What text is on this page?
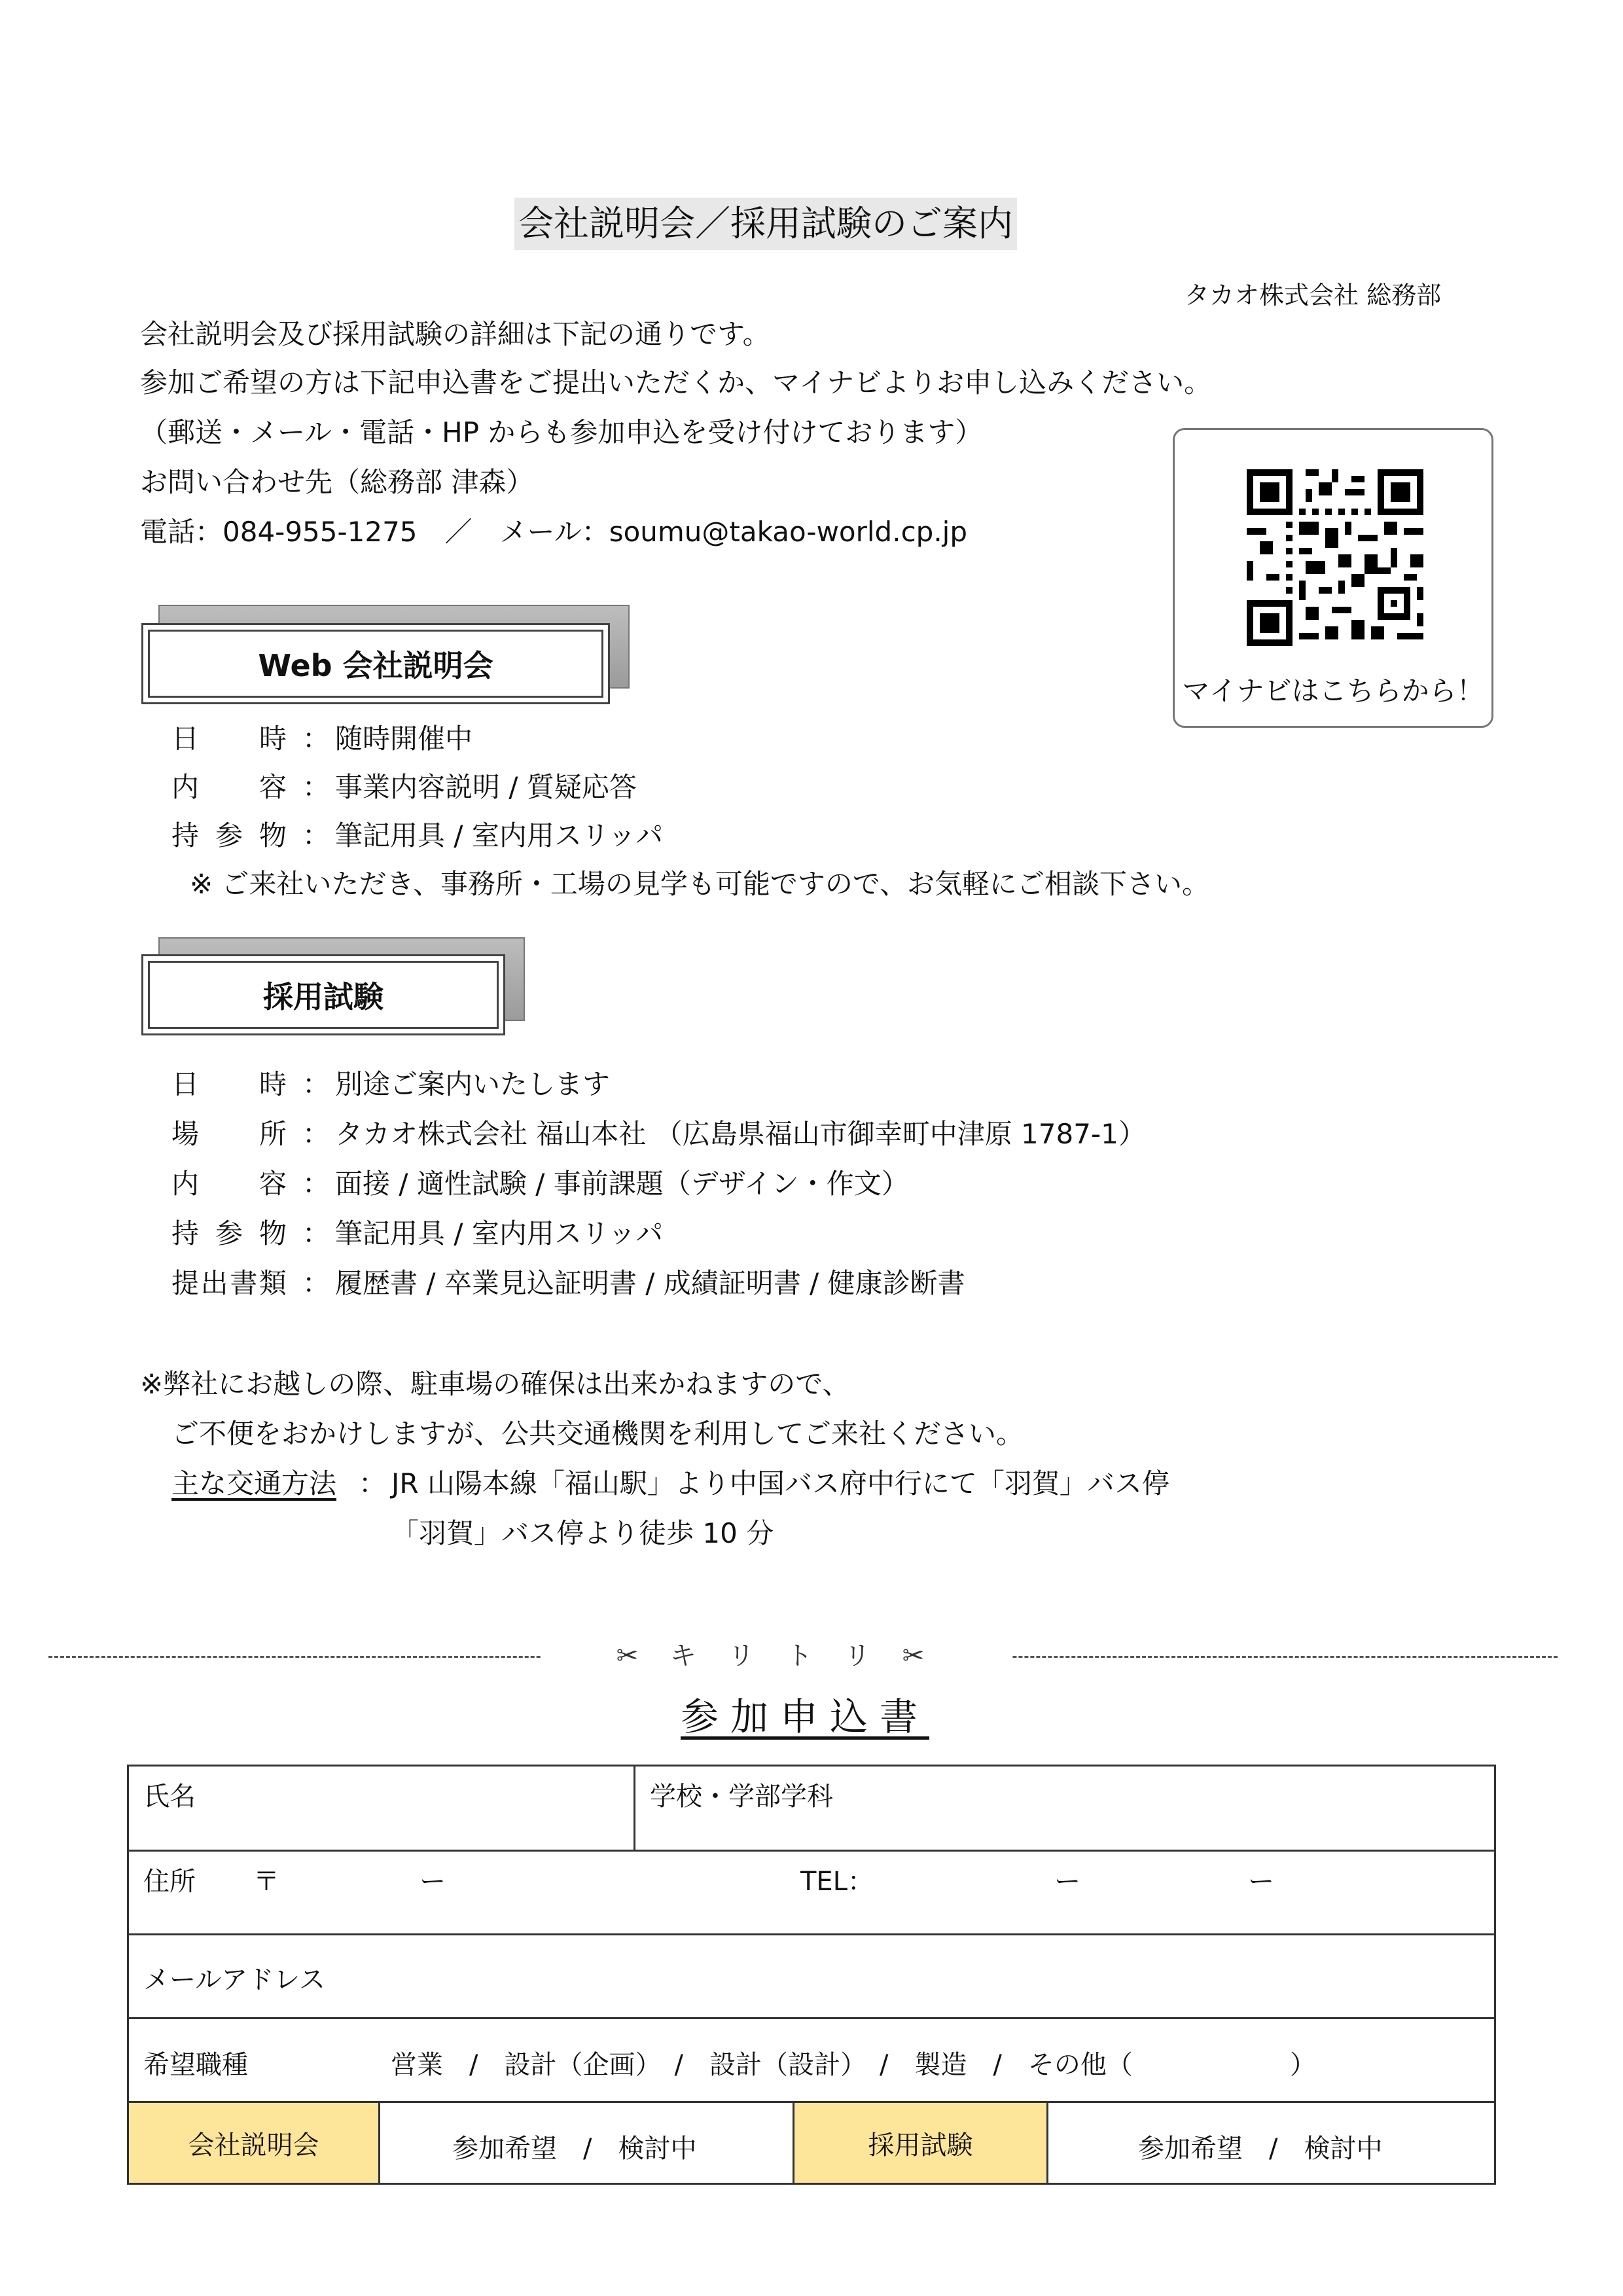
会社説明会／採用試験のご案内
タカオ株式会社 総務部
会社説明会及び採用試験の詳細は下記の通りです。
参加ご希望の方は下記申込書をご提出いただくか、マイナビよりお申し込みください。
（郵送・メール・電話・HP からも参加申込を受け付けております）
お問い合わせ先（総務部 津森）
電話：084-955-1275　／　メール：soumu@takao-world.cp.jp
マイナビはこちらから！
Web 会社説明会
日 時 ： 随時開催中
内 容 ： 事業内容説明 / 質疑応答
持 参 物 ： 筆記用具 / 室内用スリッパ
※ ご来社いただき、事務所・工場の見学も可能ですので、お気軽にご相談下さい。
採用試験
日 時 ： 別途ご案内いたします
場 所 ： タカオ株式会社 福山本社 （広島県福山市御幸町中津原 1787-1）
内 容 ： 面接 / 適性試験 / 事前課題（デザイン・作文）
持 参 物 ： 筆記用具 / 室内用スリッパ
提 出 書 類 ： 履歴書 / 卒業見込証明書 / 成績証明書 / 健康診断書
※弊社にお越しの際、駐車場の確保は出来かねますので、
ご不便をおかけしますが、公共交通機関を利用してご来社ください。
主な交通方法 ： JR 山陽本線「福山駅」より中国バス府中行にて「羽賀」バス停
「羽賀」バス停より徒歩 10 分
✂ キ リ ト リ ✂
参加申込書
氏名	学校・学部学科
住所 〒	ー	TEL：	ー	ー
メールアドレス
希望職種	営業　/　設計（企画）　/　設計（設計）　/　製造　/　その他（　　　　　　）
会社説明会	参加希望　/　検討中	採用試験	参加希望　/　検討中
